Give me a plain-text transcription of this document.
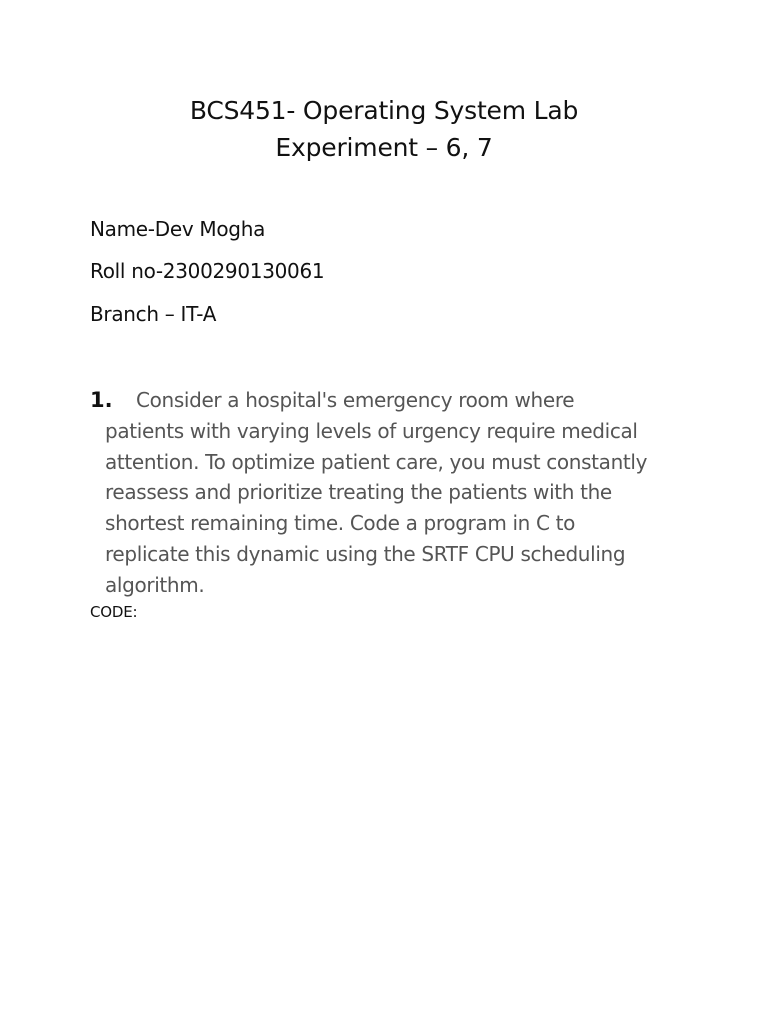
BCS451- Operating System Lab
Experiment – 6, 7
Name-Dev Mogha
Roll no-2300290130061
Branch – IT-A
1. Consider a hospital's emergency room where
patients with varying levels of urgency require medical
attention. To optimize patient care, you must constantly
reassess and prioritize treating the patients with the
shortest remaining time. Code a program in C to
replicate this dynamic using the SRTF CPU scheduling
algorithm.
CODE:
